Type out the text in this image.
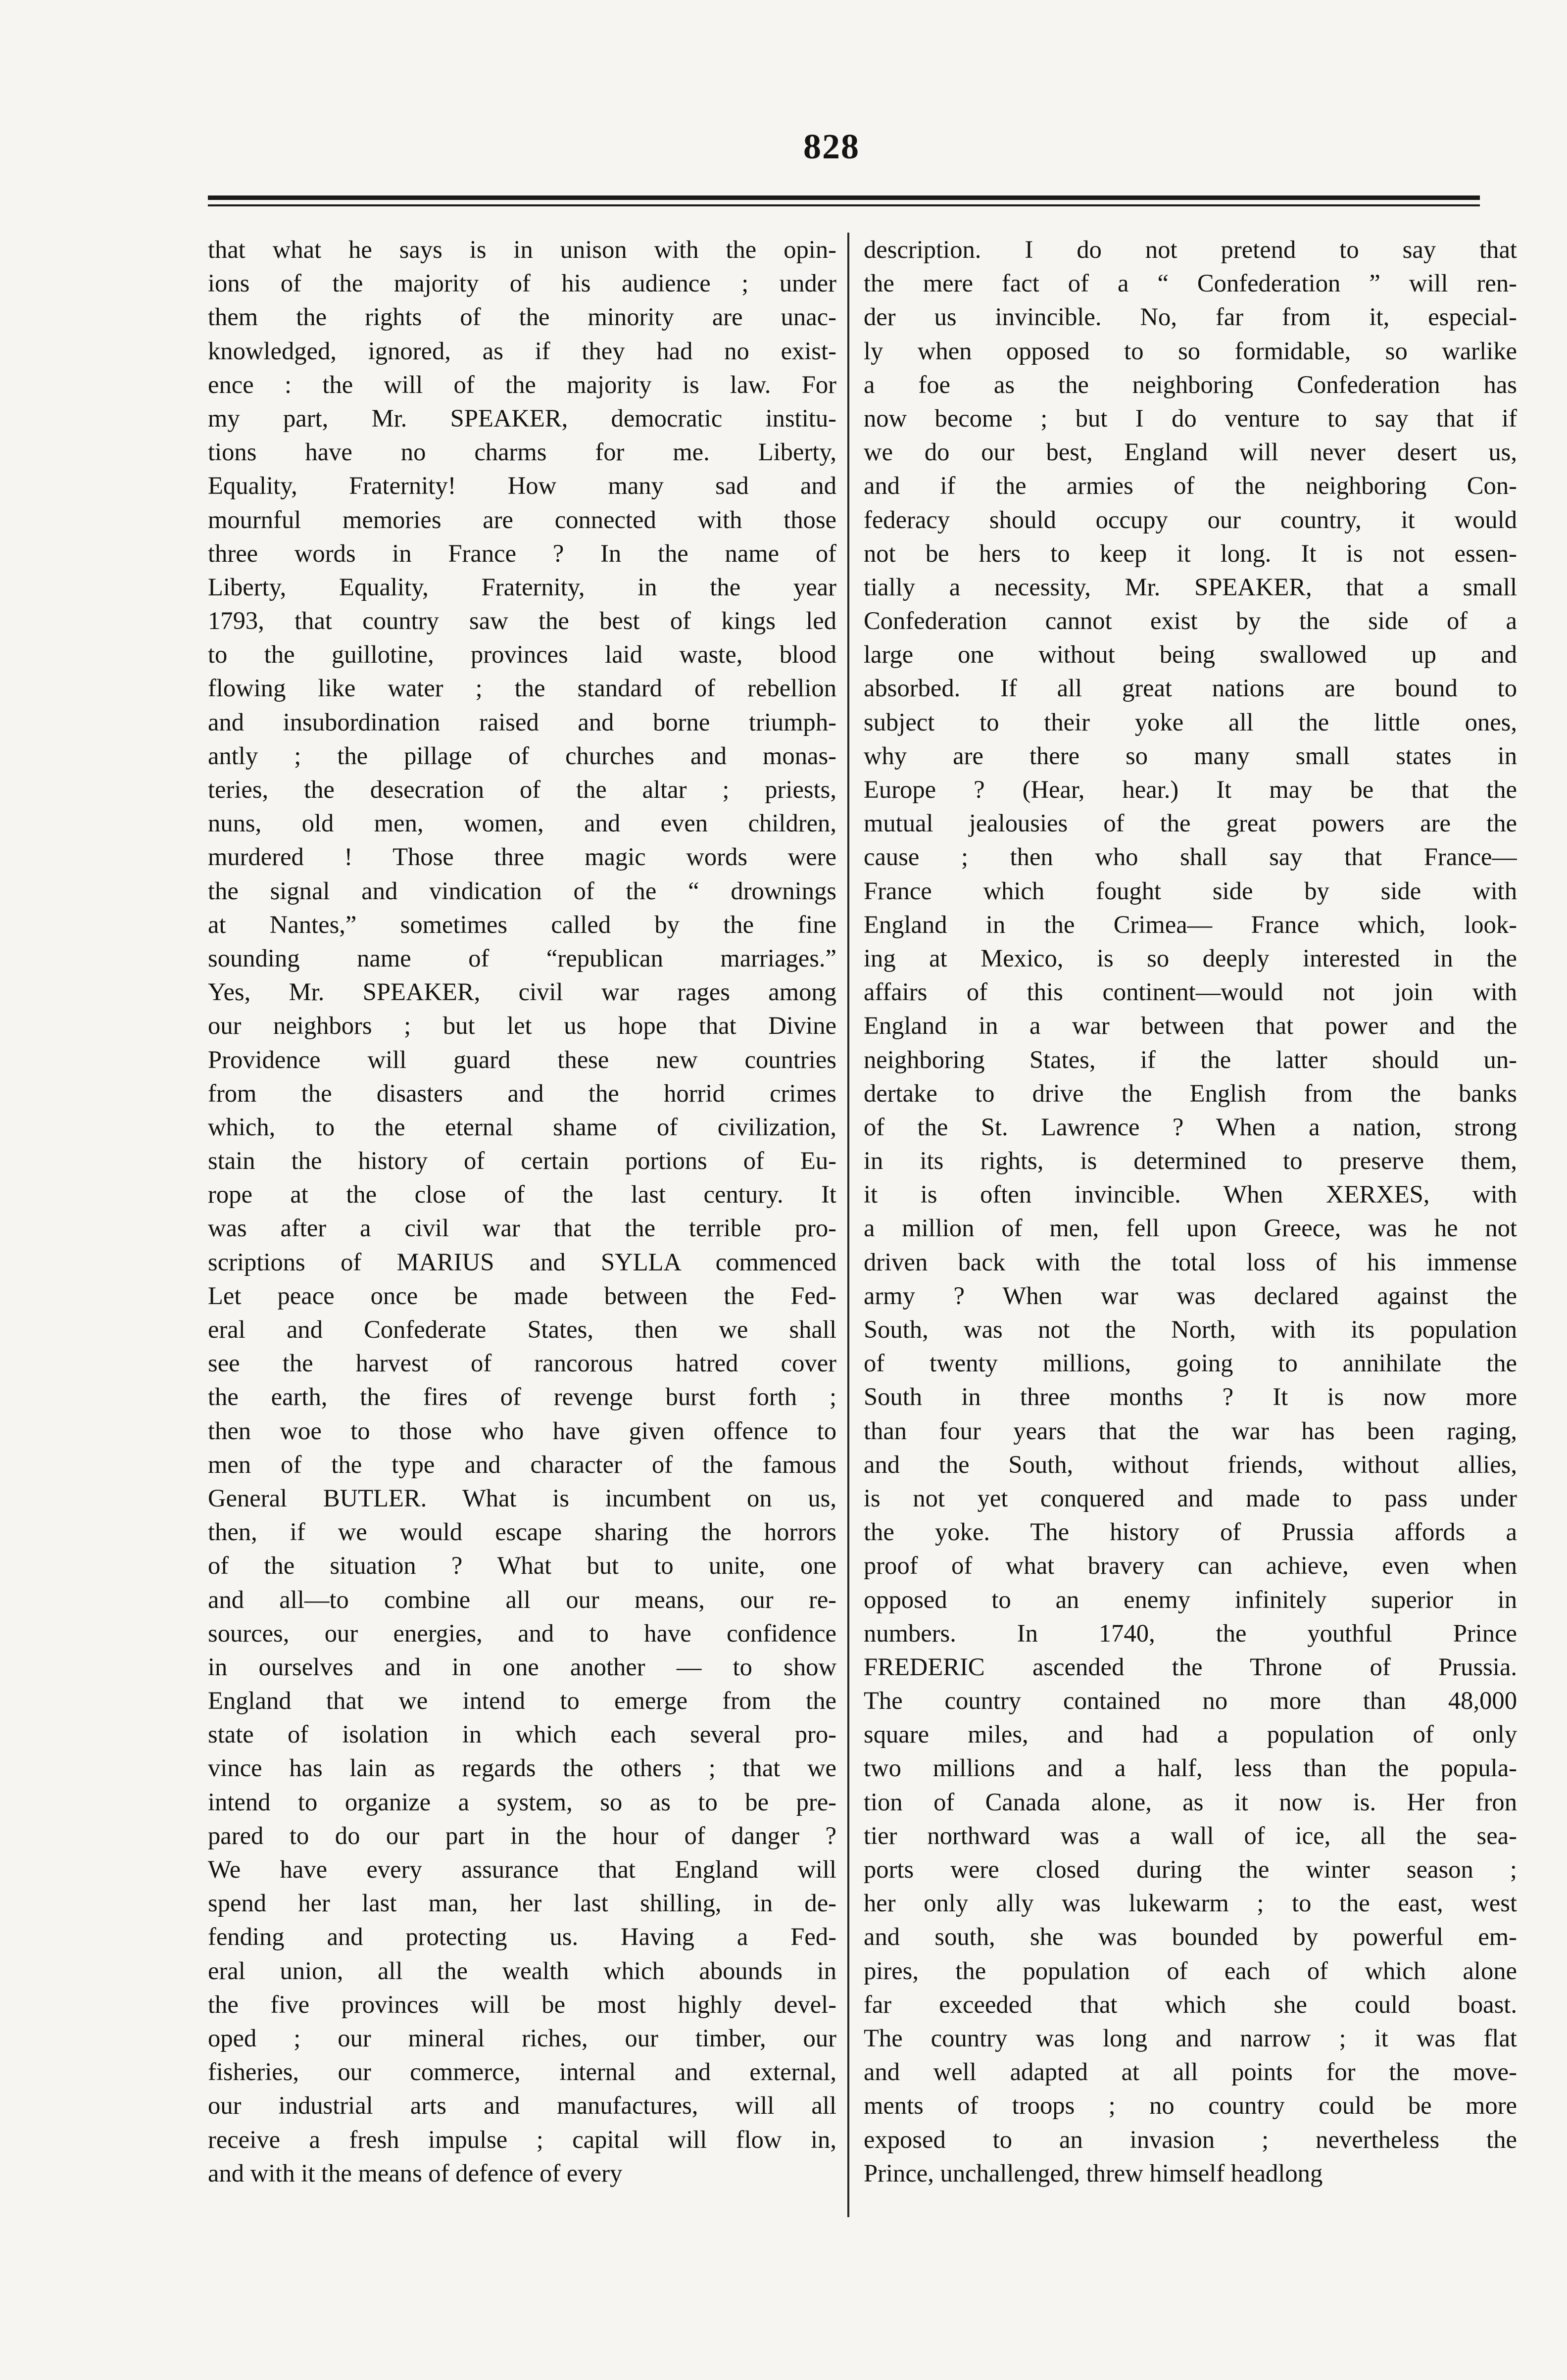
828
that what he says is in unison with the opin-
ions of the majority of his audience ; under
them the rights of the minority are unac-
knowledged, ignored, as if they had no exist-
ence : the will of the majority is law. For
my part, Mr. SPEAKER, democratic institu-
tions have no charms for me. Liberty,
Equality, Fraternity! How many sad and
mournful memories are connected with those
three words in France ? In the name of
Liberty, Equality, Fraternity, in the year
1793, that country saw the best of kings led
to the guillotine, provinces laid waste, blood
flowing like water ; the standard of rebellion
and insubordination raised and borne triumph-
antly ; the pillage of churches and monas-
teries, the desecration of the altar ; priests,
nuns, old men, women, and even children,
murdered ! Those three magic words were
the signal and vindication of the “ drownings
at Nantes,” sometimes called by the fine
sounding name of “republican marriages.”
Yes, Mr. SPEAKER, civil war rages among
our neighbors ; but let us hope that Divine
Providence will guard these new countries
from the disasters and the horrid crimes
which, to the eternal shame of civilization,
stain the history of certain portions of Eu-
rope at the close of the last century. It
was after a civil war that the terrible pro-
scriptions of MARIUS and SYLLA commenced
Let peace once be made between the Fed-
eral and Confederate States, then we shall
see the harvest of rancorous hatred cover
the earth, the fires of revenge burst forth ;
then woe to those who have given offence to
men of the type and character of the famous
General BUTLER. What is incumbent on us,
then, if we would escape sharing the horrors
of the situation ? What but to unite, one
and all—to combine all our means, our re-
sources, our energies, and to have confidence
in ourselves and in one another — to show
England that we intend to emerge from the
state of isolation in which each several pro-
vince has lain as regards the others ; that we
intend to organize a system, so as to be pre-
pared to do our part in the hour of danger ?
We have every assurance that England will
spend her last man, her last shilling, in de-
fending and protecting us. Having a Fed-
eral union, all the wealth which abounds in
the five provinces will be most highly devel-
oped ; our mineral riches, our timber, our
fisheries, our commerce, internal and external,
our industrial arts and manufactures, will all
receive a fresh impulse ; capital will flow in,
and with it the means of defence of every
description. I do not pretend to say that
the mere fact of a “ Confederation ” will ren-
der us invincible. No, far from it, especial-
ly when opposed to so formidable, so warlike
a foe as the neighboring Confederation has
now become ; but I do venture to say that if
we do our best, England will never desert us,
and if the armies of the neighboring Con-
federacy should occupy our country, it would
not be hers to keep it long. It is not essen-
tially a necessity, Mr. SPEAKER, that a small
Confederation cannot exist by the side of a
large one without being swallowed up and
absorbed. If all great nations are bound to
subject to their yoke all the little ones,
why are there so many small states in
Europe ? (Hear, hear.) It may be that the
mutual jealousies of the great powers are the
cause ; then who shall say that France—
France which fought side by side with
England in the Crimea— France which, look-
ing at Mexico, is so deeply interested in the
affairs of this continent—would not join with
England in a war between that power and the
neighboring States, if the latter should un-
dertake to drive the English from the banks
of the St. Lawrence ? When a nation, strong
in its rights, is determined to preserve them,
it is often invincible. When XERXES, with
a million of men, fell upon Greece, was he not
driven back with the total loss of his immense
army ? When war was declared against the
South, was not the North, with its population
of twenty millions, going to annihilate the
South in three months ? It is now more
than four years that the war has been raging,
and the South, without friends, without allies,
is not yet conquered and made to pass under
the yoke. The history of Prussia affords a
proof of what bravery can achieve, even when
opposed to an enemy infinitely superior in
numbers. In 1740, the youthful Prince
FREDERIC ascended the Throne of Prussia.
The country contained no more than 48,000
square miles, and had a population of only
two millions and a half, less than the popula-
tion of Canada alone, as it now is. Her fron
tier northward was a wall of ice, all the sea-
ports were closed during the winter season ;
her only ally was lukewarm ; to the east, west
and south, she was bounded by powerful em-
pires, the population of each of which alone
far exceeded that which she could boast.
The country was long and narrow ; it was flat
and well adapted at all points for the move-
ments of troops ; no country could be more
exposed to an invasion ; nevertheless the
Prince, unchallenged, threw himself headlong
